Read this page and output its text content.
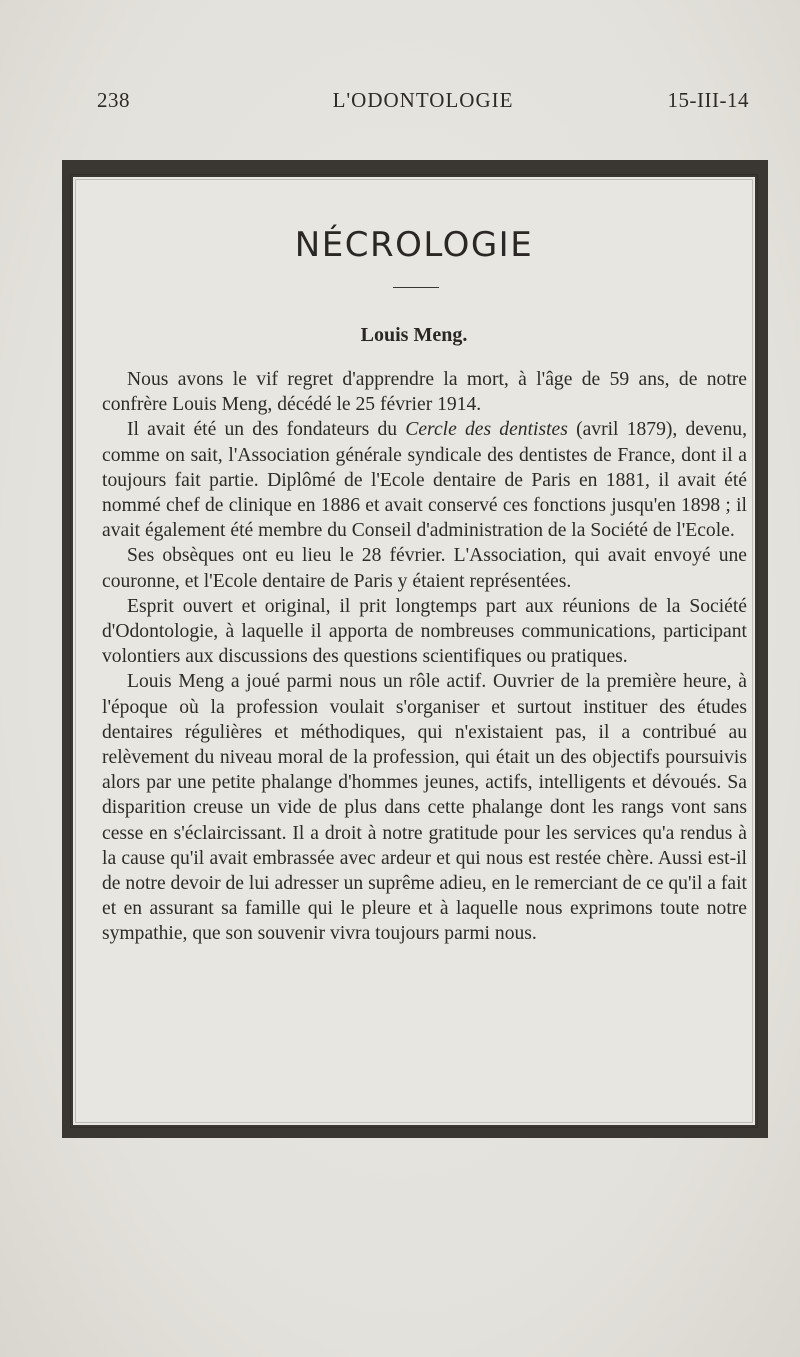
238	L'ODONTOLOGIE	15-III-14
NÉCROLOGIE
Louis Meng.

Nous avons le vif regret d'apprendre la mort, à l'âge de 59 ans, de notre confrère Louis Meng, décédé le 25 février 1914.

Il avait été un des fondateurs du Cercle des dentistes (avril 1879), devenu, comme on sait, l'Association générale syndicale des dentistes de France, dont il a toujours fait partie. Diplômé de l'Ecole dentaire de Paris en 1881, il avait été nommé chef de clinique en 1886 et avait conservé ces fonctions jusqu'en 1898 ; il avait également été membre du Conseil d'administration de la Société de l'Ecole.

Ses obsèques ont eu lieu le 28 février. L'Association, qui avait envoyé une couronne, et l'Ecole dentaire de Paris y étaient représentées.

Esprit ouvert et original, il prit longtemps part aux réunions de la Société d'Odontologie, à laquelle il apporta de nombreuses communications, participant volontiers aux discussions des questions scientifiques ou pratiques.

Louis Meng a joué parmi nous un rôle actif. Ouvrier de la première heure, à l'époque où la profession voulait s'organiser et surtout instituer des études dentaires régulières et méthodiques, qui n'existaient pas, il a contribué au relèvement du niveau moral de la profession, qui était un des objectifs poursuivis alors par une petite phalange d'hommes jeunes, actifs, intelligents et dévoués. Sa disparition creuse un vide de plus dans cette phalange dont les rangs vont sans cesse en s'éclaircissant. Il a droit à notre gratitude pour les services qu'a rendus à la cause qu'il avait embrassée avec ardeur et qui nous est restée chère. Aussi est-il de notre devoir de lui adresser un suprême adieu, en le remerciant de ce qu'il a fait et en assurant sa famille qui le pleure et à laquelle nous exprimons toute notre sympathie, que son souvenir vivra toujours parmi nous.
